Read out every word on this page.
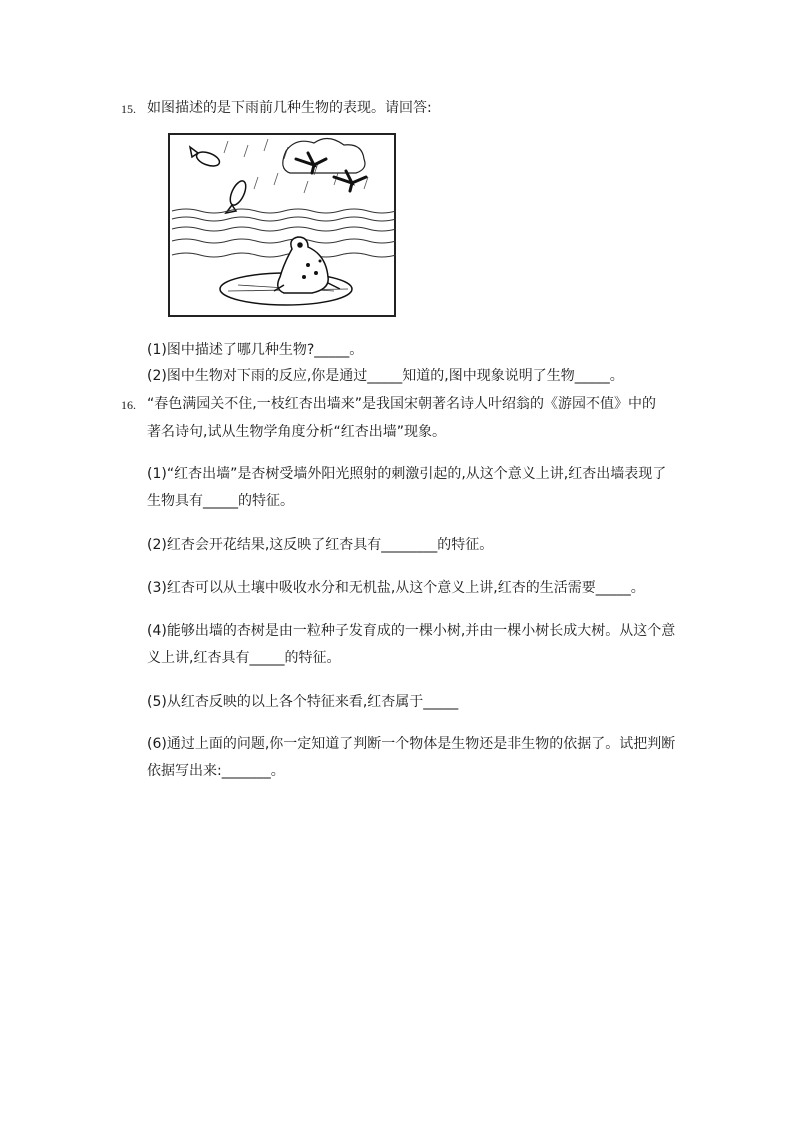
15. 如图描述的是下雨前几种生物的表现。请回答:
(1)图中描述了哪几种生物?_____。
(2)图中生物对下雨的反应,你是通过_____知道的,图中现象说明了生物_____。
16. “春色满园关不住,一枝红杏出墙来”是我国宋朝著名诗人叶绍翁的《游园不值》中的
著名诗句,试从生物学角度分析“红杏出墙”现象。
(1)“红杏出墙”是杏树受墙外阳光照射的刺激引起的,从这个意义上讲,红杏出墙表现了
生物具有_____的特征。
(2)红杏会开花结果,这反映了红杏具有________的特征。
(3)红杏可以从土壤中吸收水分和无机盐,从这个意义上讲,红杏的生活需要_____。
(4)能够出墙的杏树是由一粒种子发育成的一棵小树,并由一棵小树长成大树。从这个意
义上讲,红杏具有_____的特征。
(5)从红杏反映的以上各个特征来看,红杏属于_____
(6)通过上面的问题,你一定知道了判断一个物体是生物还是非生物的依据了。试把判断
依据写出来:_______。
